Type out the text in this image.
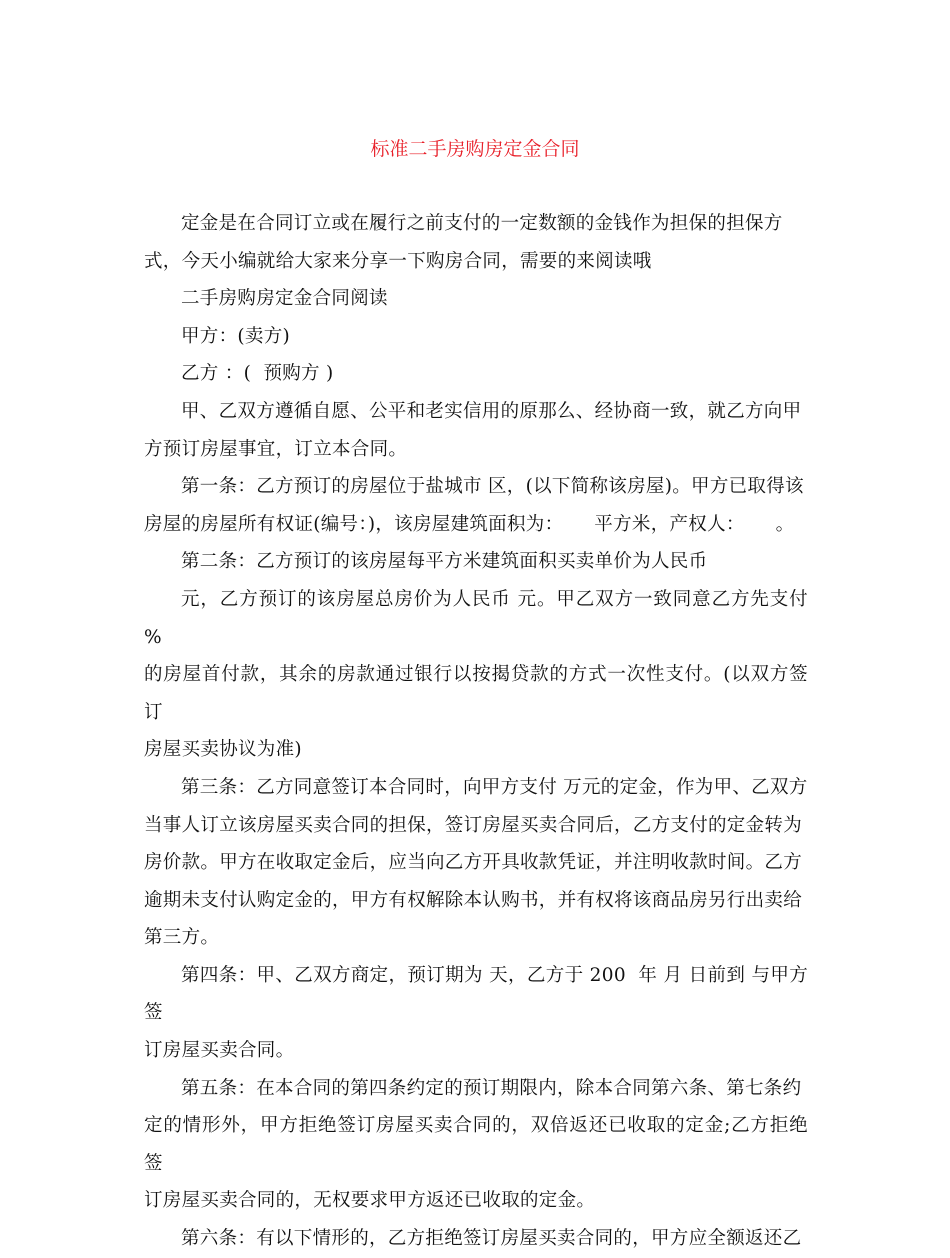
标准二手房购房定金合同

定金是在合同订立或在履行之前支付的一定数额的金钱作为担保的担保方
式，今天小编就给大家来分享一下购房合同，需要的来阅读哦

二手房购房定金合同阅读

甲方：(卖方)

乙方 ：(  预购方 )

甲、乙双方遵循自愿、公平和老实信用的原那么、经协商一致，就乙方向甲
方预订房屋事宜，订立本合同。

第一条：乙方预订的房屋位于盐城市 区，(以下简称该房屋)。甲方已取得该
房屋的房屋所有权证(编号：)，该房屋建筑面积为：     平方米，产权人：     。

第二条：乙方预订的该房屋每平方米建筑面积买卖单价为人民币

元，乙方预订的该房屋总房价为人民币 元。甲乙双方一致同意乙方先支付 %
的房屋首付款，其余的房款通过银行以按揭贷款的方式一次性支付。(以双方签订
房屋买卖协议为准)

第三条：乙方同意签订本合同时，向甲方支付 万元的定金，作为甲、乙双方
当事人订立该房屋买卖合同的担保，签订房屋买卖合同后，乙方支付的定金转为
房价款。甲方在收取定金后，应当向乙方开具收款凭证，并注明收款时间。乙方
逾期未支付认购定金的，甲方有权解除本认购书，并有权将该商品房另行出卖给
第三方。

第四条：甲、乙双方商定，预订期为 天，乙方于 200  年 月 日前到 与甲方签
订房屋买卖合同。

第五条：在本合同的第四条约定的预订期限内，除本合同第六条、第七条约
定的情形外，甲方拒绝签订房屋买卖合同的，双倍返还已收取的定金;乙方拒绝签
订房屋买卖合同的，无权要求甲方返还已收取的定金。

第六条：有以下情形的，乙方拒绝签订房屋买卖合同的，甲方应全额返还乙
